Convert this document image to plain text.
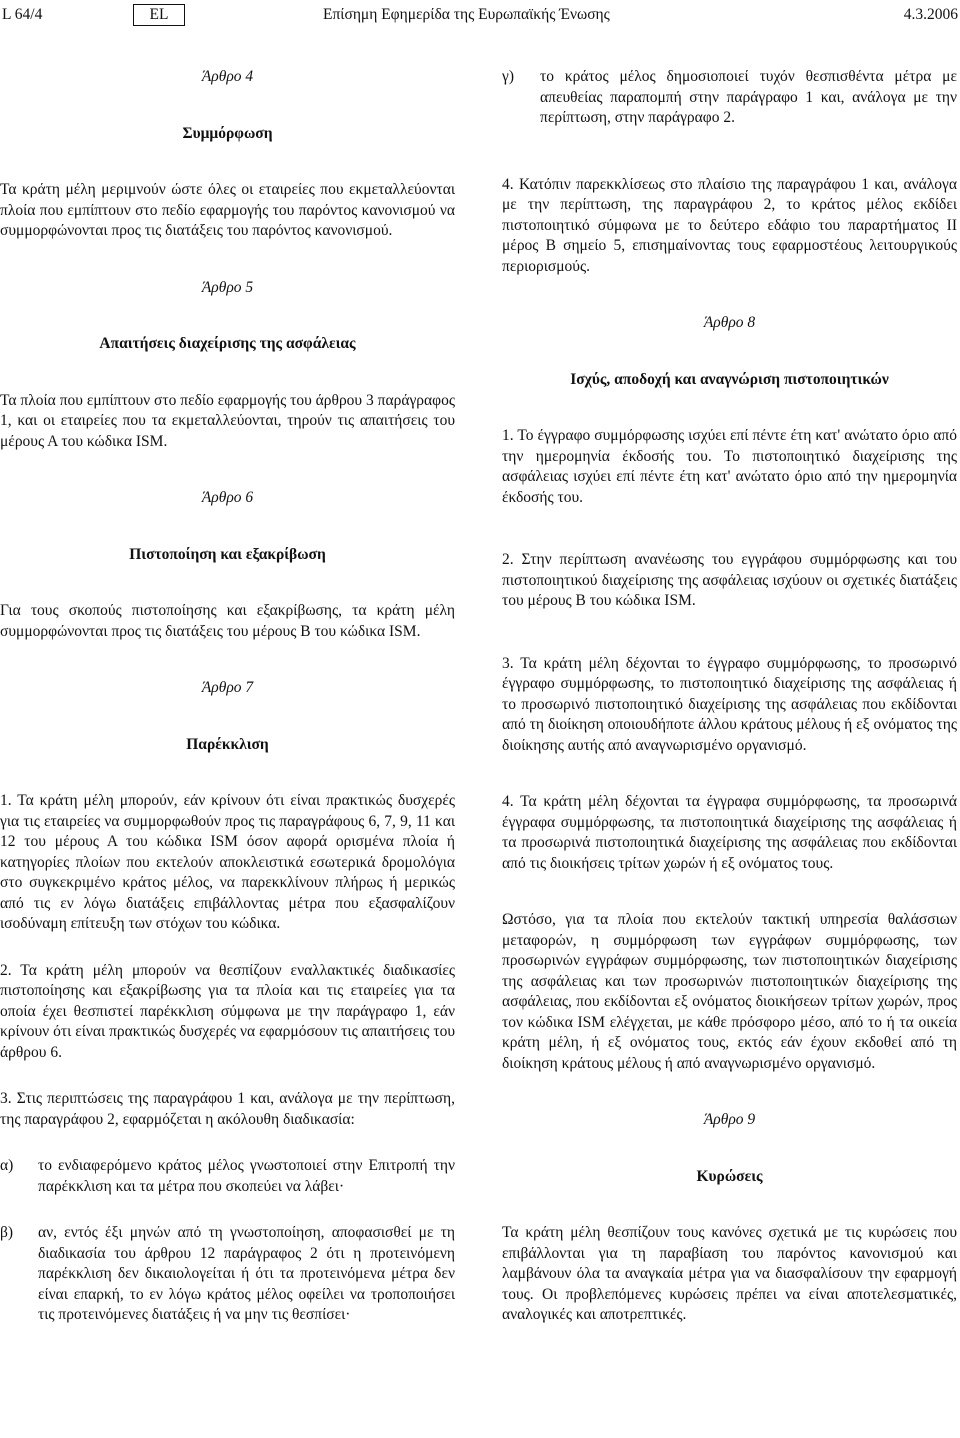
L 64/4	EL	Επίσημη Εφημερίδα της Ευρωπαϊκής Ένωσης	4.3.2006

Άρθρο 4

Συμμόρφωση

Τα κράτη μέλη μεριμνούν ώστε όλες οι εταιρείες που εκμεταλλεύονται πλοία που εμπίπτουν στο πεδίο εφαρμογής του παρόντος κανονισμού να συμμορφώνονται προς τις διατάξεις του παρόντος κανονισμού.

Άρθρο 5

Απαιτήσεις διαχείρισης της ασφάλειας

Τα πλοία που εμπίπτουν στο πεδίο εφαρμογής του άρθρου 3 παράγραφος 1, και οι εταιρείες που τα εκμεταλλεύονται, τηρούν τις απαιτήσεις του μέρους Α του κώδικα ISM.

Άρθρο 6

Πιστοποίηση και εξακρίβωση

Για τους σκοπούς πιστοποίησης και εξακρίβωσης, τα κράτη μέλη συμμορφώνονται προς τις διατάξεις του μέρους Β του κώδικα ISM.

Άρθρο 7

Παρέκκλιση

1. Τα κράτη μέλη μπορούν, εάν κρίνουν ότι είναι πρακτικώς δυσχερές για τις εταιρείες να συμμορφωθούν προς τις παραγράφους 6, 7, 9, 11 και 12 του μέρους Α του κώδικα ISM όσον αφορά ορισμένα πλοία ή κατηγορίες πλοίων που εκτελούν αποκλειστικά εσωτερικά δρομολόγια στο συγκεκριμένο κράτος μέλος, να παρεκκλίνουν πλήρως ή μερικώς από τις εν λόγω διατάξεις επιβάλλοντας μέτρα που εξασφαλίζουν ισοδύναμη επίτευξη των στόχων του κώδικα.

2. Τα κράτη μέλη μπορούν να θεσπίζουν εναλλακτικές διαδικασίες πιστοποίησης και εξακρίβωσης για τα πλοία και τις εταιρείες για τα οποία έχει θεσπιστεί παρέκκλιση σύμφωνα με την παράγραφο 1, εάν κρίνουν ότι είναι πρακτικώς δυσχερές να εφαρμόσουν τις απαιτήσεις του άρθρου 6.

3. Στις περιπτώσεις της παραγράφου 1 και, ανάλογα με την περίπτωση, της παραγράφου 2, εφαρμόζεται η ακόλουθη διαδικασία:

α)	το ενδιαφερόμενο κράτος μέλος γνωστοποιεί στην Επιτροπή την παρέκκλιση και τα μέτρα που σκοπεύει να λάβει·
β)	αν, εντός έξι μηνών από τη γνωστοποίηση, αποφασισθεί με τη διαδικασία του άρθρου 12 παράγραφος 2 ότι η προτεινόμενη παρέκκλιση δεν δικαιολογείται ή ότι τα προτεινόμενα μέτρα δεν είναι επαρκή, το εν λόγω κράτος μέλος οφείλει να τροποποιήσει τις προτεινόμενες διατάξεις ή να μην τις θεσπίσει·
γ)	το κράτος μέλος δημοσιοποιεί τυχόν θεσπισθέντα μέτρα με απευθείας παραπομπή στην παράγραφο 1 και, ανάλογα με την περίπτωση, στην παράγραφο 2.

4. Κατόπιν παρεκκλίσεως στο πλαίσιο της παραγράφου 1 και, ανάλογα με την περίπτωση, της παραγράφου 2, το κράτος μέλος εκδίδει πιστοποιητικό σύμφωνα με το δεύτερο εδάφιο του παραρτήματος ΙΙ μέρος Β σημείο 5, επισημαίνοντας τους εφαρμοστέους λειτουργικούς περιορισμούς.

Άρθρο 8

Ισχύς, αποδοχή και αναγνώριση πιστοποιητικών

1. Το έγγραφο συμμόρφωσης ισχύει επί πέντε έτη κατ' ανώτατο όριο από την ημερομηνία έκδοσής του. Το πιστοποιητικό διαχείρισης της ασφάλειας ισχύει επί πέντε έτη κατ' ανώτατο όριο από την ημερομηνία έκδοσής του.

2. Στην περίπτωση ανανέωσης του εγγράφου συμμόρφωσης και του πιστοποιητικού διαχείρισης της ασφάλειας ισχύουν οι σχετικές διατάξεις του μέρους Β του κώδικα ISM.

3. Τα κράτη μέλη δέχονται το έγγραφο συμμόρφωσης, το προσωρινό έγγραφο συμμόρφωσης, το πιστοποιητικό διαχείρισης της ασφάλειας ή το προσωρινό πιστοποιητικό διαχείρισης της ασφάλειας που εκδίδονται από τη διοίκηση οποιουδήποτε άλλου κράτους μέλους ή εξ ονόματος της διοίκησης αυτής από αναγνωρισμένο οργανισμό.

4. Τα κράτη μέλη δέχονται τα έγγραφα συμμόρφωσης, τα προσωρινά έγγραφα συμμόρφωσης, τα πιστοποιητικά διαχείρισης της ασφάλειας ή τα προσωρινά πιστοποιητικά διαχείρισης της ασφάλειας που εκδίδονται από τις διοικήσεις τρίτων χωρών ή εξ ονόματος τους.

Ωστόσο, για τα πλοία που εκτελούν τακτική υπηρεσία θαλάσσιων μεταφορών, η συμμόρφωση των εγγράφων συμμόρφωσης, των προσωρινών εγγράφων συμμόρφωσης, των πιστοποιητικών διαχείρισης της ασφάλειας και των προσωρινών πιστοποιητικών διαχείρισης της ασφάλειας, που εκδίδονται εξ ονόματος διοικήσεων τρίτων χωρών, προς τον κώδικα ISM ελέγχεται, με κάθε πρόσφορο μέσο, από το ή τα οικεία κράτη μέλη, ή εξ ονόματος τους, εκτός εάν έχουν εκδοθεί από τη διοίκηση κράτους μέλους ή από αναγνωρισμένο οργανισμό.

Άρθρο 9

Κυρώσεις

Τα κράτη μέλη θεσπίζουν τους κανόνες σχετικά με τις κυρώσεις που επιβάλλονται για τη παραβίαση του παρόντος κανονισμού και λαμβάνουν όλα τα αναγκαία μέτρα για να διασφαλίσουν την εφαρμογή τους. Οι προβλεπόμενες κυρώσεις πρέπει να είναι αποτελεσματικές, αναλογικές και αποτρεπτικές.
